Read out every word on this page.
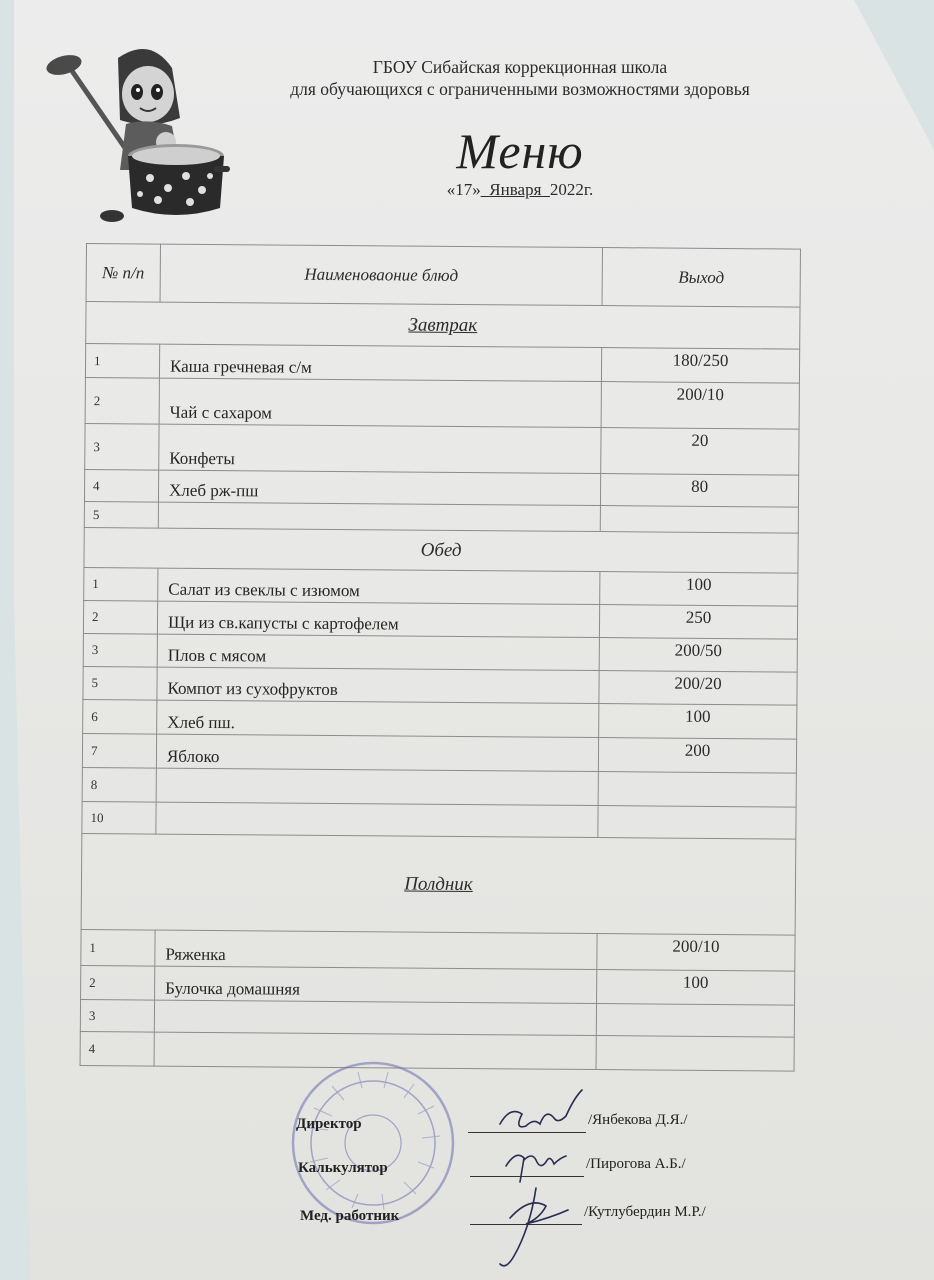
ГБОУ Сибайская коррекционная школа
для обучающихся с ограниченными возможностями здоровья
Меню
«17»_Января_2022г.
№ п/п	Наименоваоние блюд	Выход
Завтрак		
1	Каша гречневая с/м	180/250
2	Чай с сахаром	200/10
3	Конфеты	20
4	Хлеб рж-пш	80
5		
Обед		
1	Салат из свеклы с изюмом	100
2	Щи из св.капусты с картофелем	250
3	Плов с мясом	200/50
5	Компот из сухофруктов	200/20
6	Хлеб пш.	100
7	Яблоко	200
8		
10		
Полдник		
1	Ряженка	200/10
2	Булочка домашняя	100
3		
4		
Директор	/Янбекова Д.Я./
Калькулятор	/Пирогова А.Б./
Мед. работник	/Кутлубердин М.Р./
